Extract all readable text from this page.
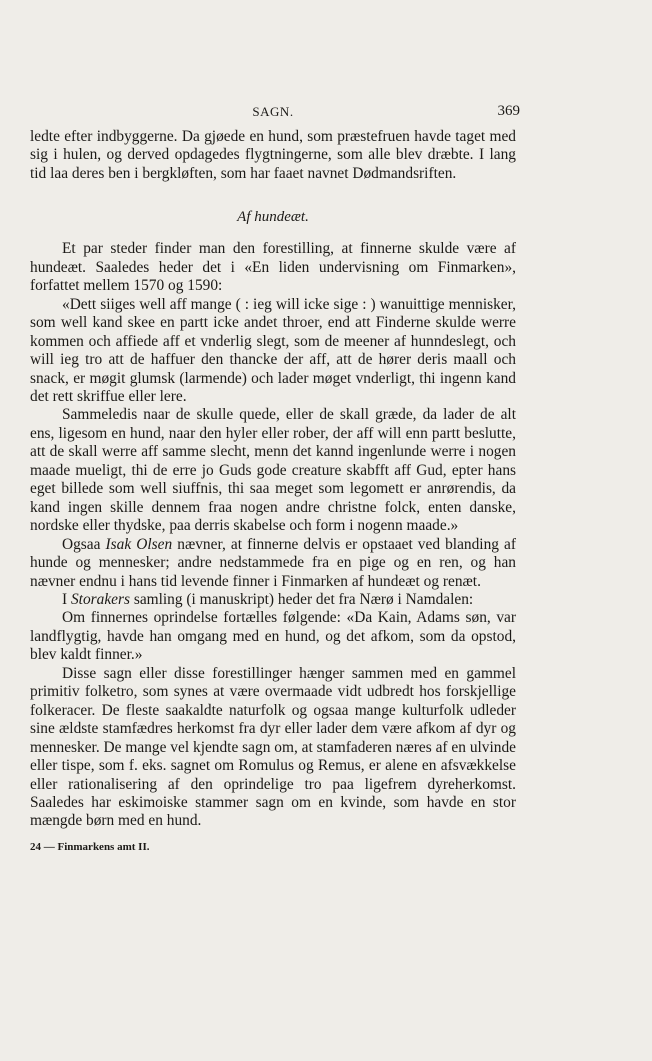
SAGN.	369

ledte efter indbyggerne. Da gjøede en hund, som præstefruen havde taget med sig i hulen, og derved opdagedes flygtningerne, som alle blev dræbte. I lang tid laa deres ben i bergkløften, som har faaet navnet Dødmandsriften.

Af hundeæt.

Et par steder finder man den forestilling, at finnerne skulde være af hundeæt. Saaledes heder det i «En liden undervisning om Finmarken», forfattet mellem 1570 og 1590:

«Dett siiges well aff mange ( : ieg will icke sige : ) wanuittige mennisker, som well kand skee en partt icke andet throer, end att Finderne skulde werre kommen och affiede aff et vnderlig slegt, som de meener af hunndeslegt, och will ieg tro att de haffuer den thancke der aff, att de hører deris maall och snack, er møgit glumsk (larmende) och lader møget vnderligt, thi ingenn kand det rett skriffue eller lere.

Sammeledis naar de skulle quede, eller de skall græde, da lader de alt ens, ligesom en hund, naar den hyler eller rober, der aff will enn partt beslutte, att de skall werre aff samme slecht, menn det kannd ingenlunde werre i nogen maade mueligt, thi de erre jo Guds gode creature skabfft aff Gud, epter hans eget billede som well siuffnis, thi saa meget som legomett er anrørendis, da kand ingen skille dennem fraa nogen andre christne folck, enten danske, nordske eller thydske, paa derris skabelse och form i nogenn maade.»

Ogsaa Isak Olsen nævner, at finnerne delvis er opstaaet ved blanding af hunde og mennesker; andre nedstammede fra en pige og en ren, og han nævner endnu i hans tid levende finner i Finmarken af hundeæt og renæt.

I Storakers samling (i manuskript) heder det fra Nærø i Namdalen:

Om finnernes oprindelse fortælles følgende: «Da Kain, Adams søn, var landflygtig, havde han omgang med en hund, og det afkom, som da opstod, blev kaldt finner.»

Disse sagn eller disse forestillinger hænger sammen med en gammel primitiv folketro, som synes at være overmaade vidt udbredt hos forskjellige folkeracer. De fleste saakaldte naturfolk og ogsaa mange kulturfolk udleder sine ældste stamfædres herkomst fra dyr eller lader dem være afkom af dyr og mennesker. De mange vel kjendte sagn om, at stamfaderen næres af en ulvinde eller tispe, som f. eks. sagnet om Romulus og Remus, er alene en afsvækkelse eller rationalisering af den oprindelige tro paa ligefrem dyreherkomst. Saaledes har eskimoiske stammer sagn om en kvinde, som havde en stor mængde børn med en hund.

24 — Finmarkens amt II.
